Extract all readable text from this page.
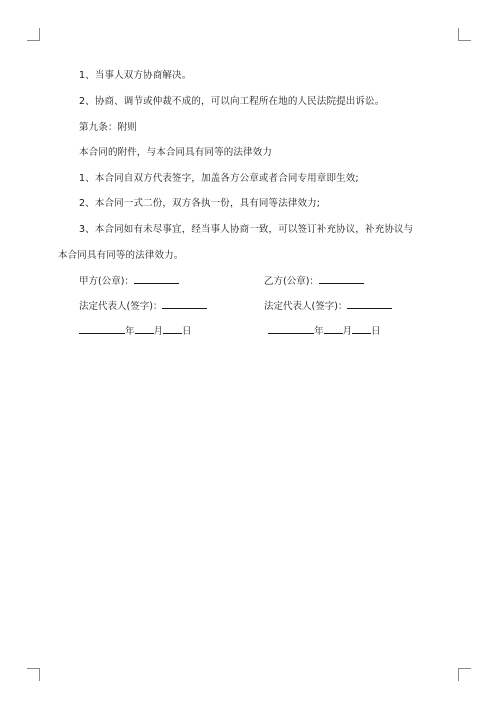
1、当事人双方协商解决。
2、协商、调节或仲裁不成的，可以向工程所在地的人民法院提出诉讼。
第九条：附则
本合同的附件，与本合同具有同等的法律效力
1、本合同自双方代表签字，加盖各方公章或者合同专用章即生效;
2、本合同一式二份，双方各执一份，具有同等法律效力;
3、本合同如有未尽事宜，经当事人协商一致，可以签订补充协议，补充协议与
本合同具有同等的法律效力。
甲方(公章)：	乙方(公章)：
法定代表人(签字)：	法定代表人(签字)：
年 月 日	年 月 日
